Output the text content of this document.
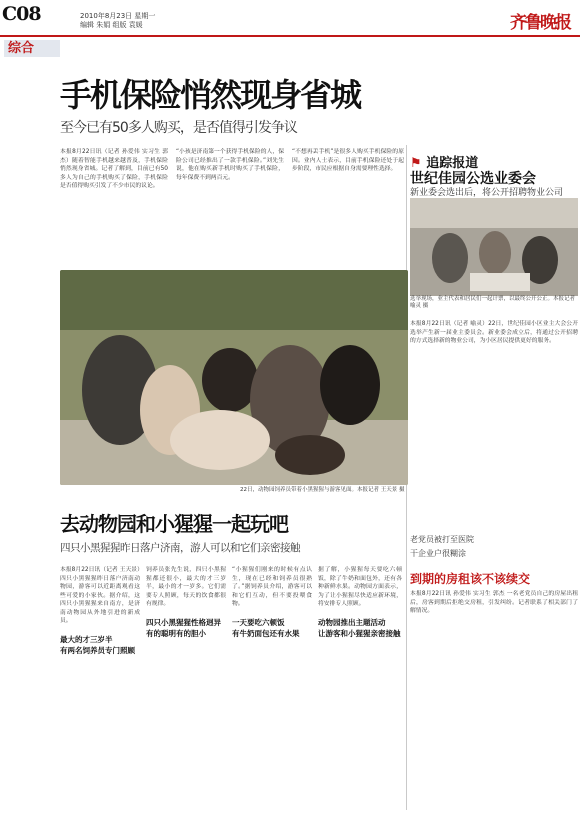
C08	2010年8月23日 星期一
编辑 朱娟 组版 袁媛
综合
齐鲁晚报
手机保险悄然现身省城
至今已有50多人购买，是否值得引发争议
本报8月22日讯（记者 孙爱伟 实习生 郭杰）随着智能手机越来越普及，手机保险悄然现身省城。记者了解到，目前已有50多人为自己的手机购买了保险，手机保险是否值得购买引发了不少市民的议论。
“小孩是济南第一个获得手机保险的人，保险公司已经推出了一款手机保险。”刘先生说，他在购买新手机时购买了手机保险，每年保费不到两百元。
“不想再丢手机”是很多人购买手机保险的原因。业内人士表示，目前手机保险还处于起步阶段，市民应根据自身需要理性选择。
22日，动物园饲养员带着小黑猩猩与游客见面。本报记者 王天景 摄
去动物园和小猩猩一起玩吧
四只小黑猩猩昨日落户济南，游人可以和它们亲密接触
本报8月22日讯（记者 王天景）四只小黑猩猩昨日落户济南动物园，游客可以近距离观看这些可爱的小家伙。据介绍，这四只小黑猩猩来自南方，是济南动物园从外地引进的新成员。
最大的才三岁半
有两名饲养员专门照顾
饲养员张先生说，四只小黑猩猩都还很小，最大的才三岁半，最小的才一岁多。它们需要专人照顾，每天的饮食都很有规律。
四只小黑猩猩性格迥异
有的聪明有的胆小
“小猩猩们刚来的时候有点认生，现在已经和饲养员很熟了。”据饲养员介绍，游客可以和它们互动，但不要投喂食物。
一天要吃六顿饭
有牛奶面包还有水果
据了解，小猩猩每天要吃六顿饭，除了牛奶和面包外，还有各种新鲜水果。动物园方面表示，为了让小猩猩尽快适应新环境，将安排专人照顾。
动物园推出主题活动
让游客和小猩猩亲密接触
⚑ 追踪报道
世纪佳园公选业委会
新业委会选出后，将公开招聘物业公司
选举现场，业主代表和居民们一起计票，以最终公开公正。本报记者 喻灵 摄
本报8月22日讯（记者 喻灵）22日，世纪佳园小区业主大会公开选举产生新一届业主委员会。新业委会成立后，将通过公开招聘的方式选择新的物业公司，为小区居民提供更好的服务。
老党员被打至医院
干企业户很糊涂
到期的房租该不该续交
本报8月22日讯 孙爱伟 实习生 郭杰 一名老党员自己的房屋出租后，房客到期后拒绝交房租，引发纠纷。记者联系了相关部门了解情况。
